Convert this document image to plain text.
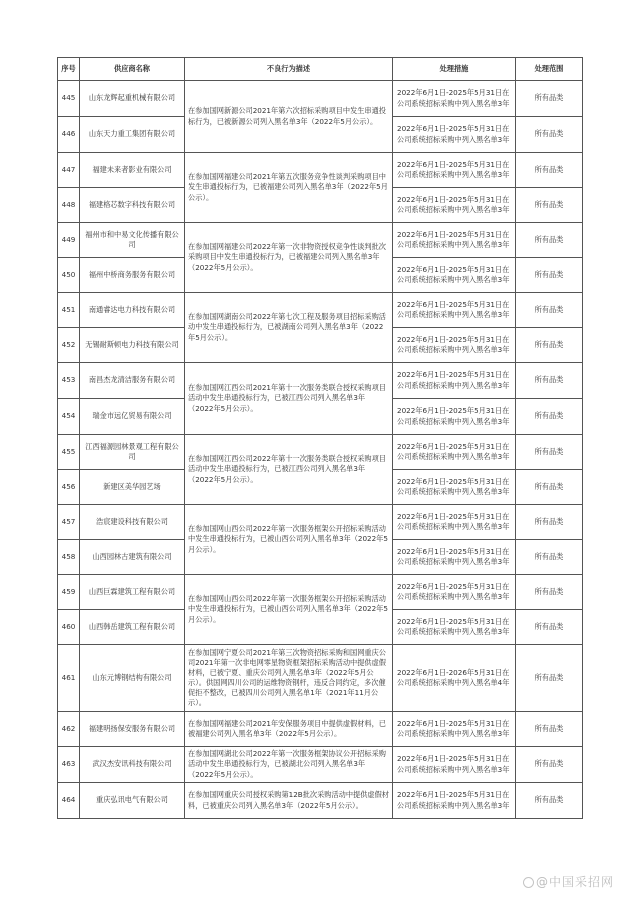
序号	供应商名称	不良行为描述	处理措施	处理范围
445	山东龙辉起重机械有限公司	在参加国网新源公司2021年第六次招标采购项目中发生串通投标行为，已被新源公司列入黑名单3年（2022年5月公示）。	2022年6月1日-2025年5月31日在公司系统招标采购中列入黑名单3年	所有品类
446	山东天力重工集团有限公司		2022年6月1日-2025年5月31日在公司系统招标采购中列入黑名单3年	所有品类
447	福建未来者影业有限公司	在参加国网福建公司2021年第五次服务竞争性谈判采购项目中发生串通投标行为，已被福建公司列入黑名单3年（2022年5月公示）。	2022年6月1日-2025年5月31日在公司系统招标采购中列入黑名单3年	所有品类
448	福建格芯数字科技有限公司		2022年6月1日-2025年5月31日在公司系统招标采购中列入黑名单3年	所有品类
449	福州市和中易文化传播有限公司	在参加国网福建公司2022年第一次非物资授权竞争性谈判批次采购项目中发生串通投标行为，已被福建公司列入黑名单3年（2022年5月公示）。	2022年6月1日-2025年5月31日在公司系统招标采购中列入黑名单3年	所有品类
450	福州中桥商务服务有限公司		2022年6月1日-2025年5月31日在公司系统招标采购中列入黑名单3年	所有品类
451	南通睿达电力科技有限公司	在参加国网湖南公司2022年第七次工程及服务项目招标采购活动中发生串通投标行为，已被湖南公司列入黑名单3年（2022年5月公示）。	2022年6月1日-2025年5月31日在公司系统招标采购中列入黑名单3年	所有品类
452	无锡耐斯顿电力科技有限公司		2022年6月1日-2025年5月31日在公司系统招标采购中列入黑名单3年	所有品类
453	南昌杰龙清洁服务有限公司	在参加国网江西公司2021年第十一次服务类联合授权采购项目活动中发生串通投标行为，已被江西公司列入黑名单3年（2022年5月公示）。	2022年6月1日-2025年5月31日在公司系统招标采购中列入黑名单3年	所有品类
454	瑞金市远亿贸易有限公司		2022年6月1日-2025年5月31日在公司系统招标采购中列入黑名单3年	所有品类
455	江西福源园林景观工程有限公司	在参加国网江西公司2022年第十一次服务类联合授权采购项目活动中发生串通投标行为，已被江西公司列入黑名单3年（2022年5月公示）。	2022年6月1日-2025年5月31日在公司系统招标采购中列入黑名单3年	所有品类
456	新建区美华园艺场		2022年6月1日-2025年5月31日在公司系统招标采购中列入黑名单3年	所有品类
457	浩宸建设科技有限公司	在参加国网山西公司2022年第一次服务框架公开招标采购活动中发生串通投标行为，已被山西公司列入黑名单3年（2022年5月公示）。	2022年6月1日-2025年5月31日在公司系统招标采购中列入黑名单3年	所有品类
458	山西园林古建筑有限公司		2022年6月1日-2025年5月31日在公司系统招标采购中列入黑名单3年	所有品类
459	山西巨霖建筑工程有限公司	在参加国网山西公司2022年第一次服务框架公开招标采购活动中发生串通投标行为，已被山西公司列入黑名单3年（2022年5月公示）。	2022年6月1日-2025年5月31日在公司系统招标采购中列入黑名单3年	所有品类
460	山西韩岳建筑工程有限公司		2022年6月1日-2025年5月31日在公司系统招标采购中列入黑名单3年	所有品类
461	山东元博钢结构有限公司	在参加国网宁夏公司2021年第三次物资招标采购和国网重庆公司2021年第一次非电网零星物资框架招标采购活动中提供虚假材料，已被宁夏、重庆公司列入黑名单3年（2022年5月公示）。供国网四川公司的运维物资钢杆，违反合同约定，多次催促拒不整改，已被四川公司列入黑名单1年（2021年11月公示）。	2022年6月1日-2026年5月31日在公司系统招标采购中列入黑名单4年	所有品类
462	福建明扬保安服务有限公司	在参加国网福建公司2021年安保服务项目中提供虚假材料，已被福建公司列入黑名单3年（2022年5月公示）。	2022年6月1日-2025年5月31日在公司系统招标采购中列入黑名单3年	所有品类
463	武汉杰安讯科技有限公司	在参加国网湖北公司2022年第一次服务框架协议公开招标采购活动中发生串通投标行为，已被湖北公司列入黑名单3年（2022年5月公示）。	2022年6月1日-2025年5月31日在公司系统招标采购中列入黑名单3年	所有品类
464	重庆弘讯电气有限公司	在参加国网重庆公司授权采购第12B批次采购活动中提供虚假材料，已被重庆公司列入黑名单3年（2022年5月公示）。	2022年6月1日-2025年5月31日在公司系统招标采购中列入黑名单3年	所有品类
@中国采招网
